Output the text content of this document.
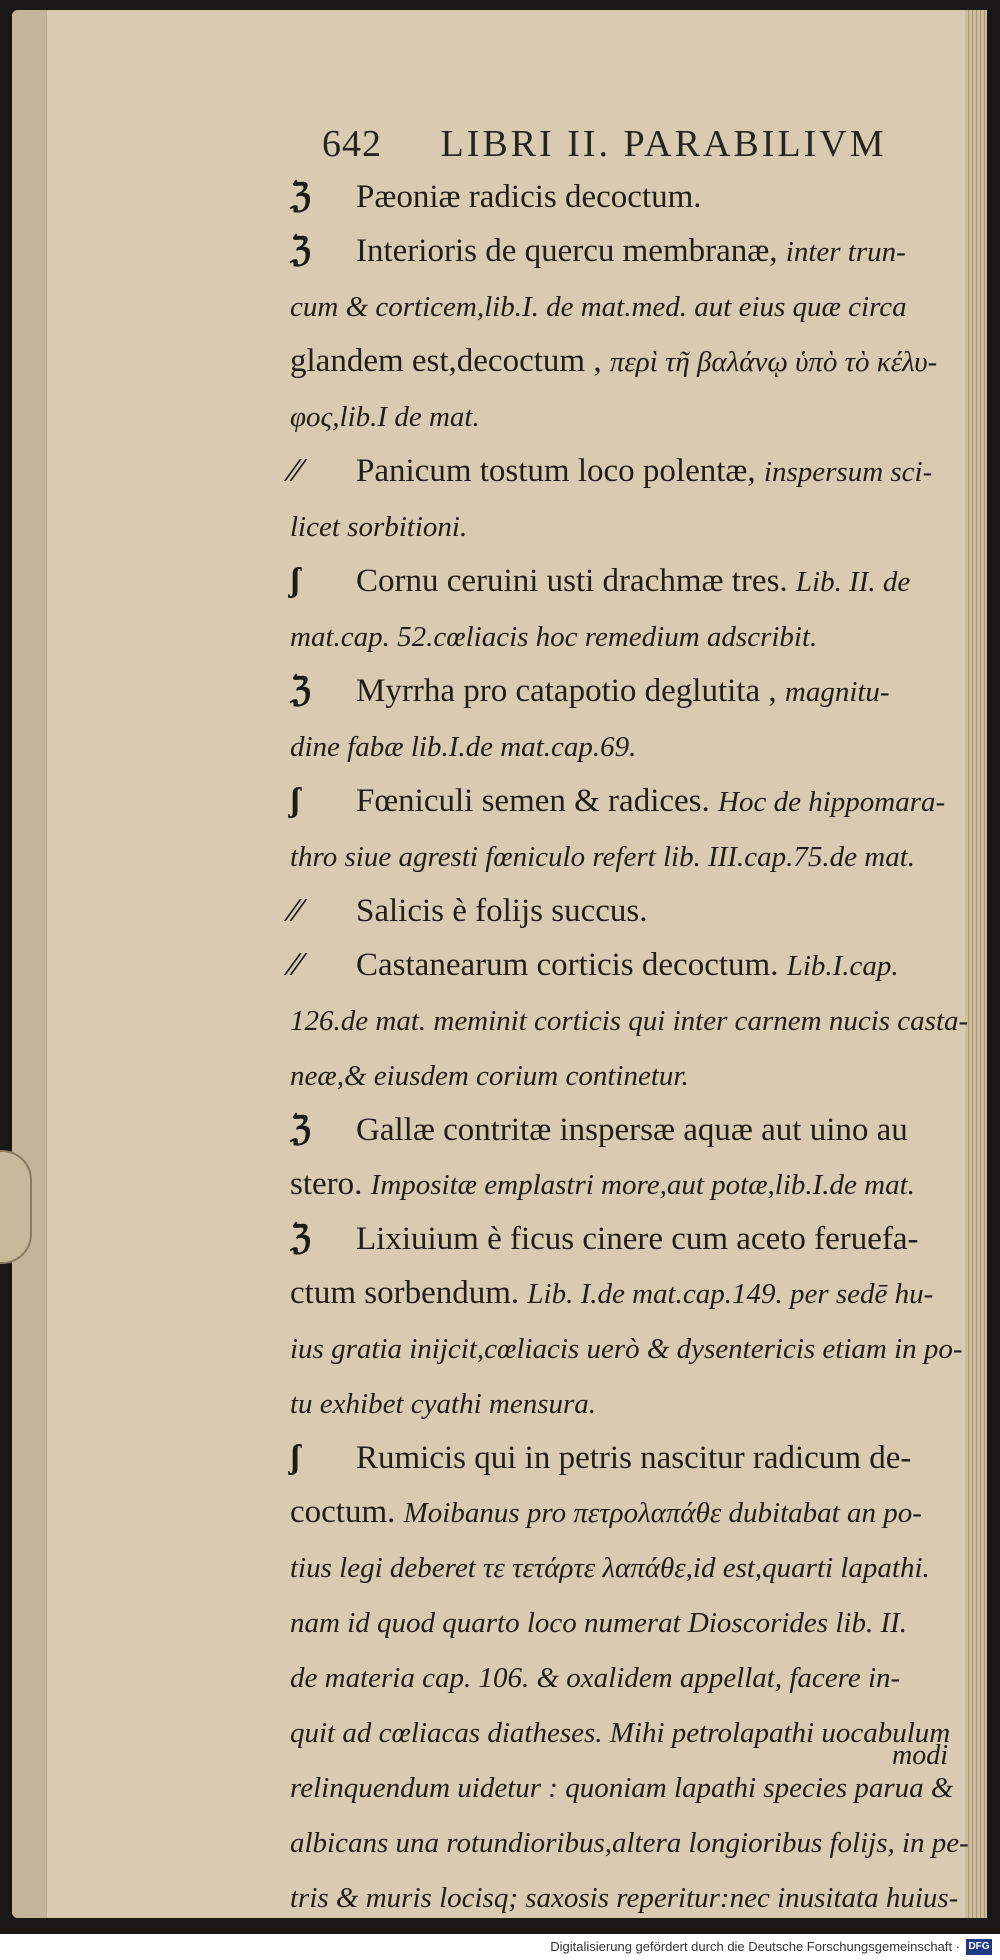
642 LIBRI II. PARABILIVM
ℨ Pæoniæ radicis decoctum.
ℨ Interioris de quercu membranæ, inter trun-
cum & corticem,lib.I. de mat.med. aut eius quæ circa
glandem est,decoctum , περὶ τῆ βαλάνῳ ὑπὸ τὸ κέλυ-
φος,lib.I de mat.
⁄⁄ Panicum tostum loco polentæ, inspersum sci-
licet sorbitioni.
ʃ Cornu ceruini usti drachmæ tres. Lib. II. de
mat.cap. 52.cœliacis hoc remedium adscribit.
ℨ Myrrha pro catapotio deglutita , magnitu-
dine fabæ lib.I.de mat.cap.69.
ʃ Fœniculi semen & radices. Hoc de hippomara-
thro siue agresti fœniculo refert lib. III.cap.75.de mat.
⁄⁄ Salicis è folijs succus.
⁄⁄ Castanearum corticis decoctum. Lib.I.cap.
126.de mat. meminit corticis qui inter carnem nucis casta-
neæ,& eiusdem corium continetur.
ℨ Gallæ contritæ inspersæ aquæ aut uino au
stero. Impositæ emplastri more,aut potæ,lib.I.de mat.
ℨ Lixiuium è ficus cinere cum aceto feruefa-
ctum sorbendum. Lib. I.de mat.cap.149. per sedē hu-
ius gratia inijcit,cœliacis uerò & dysentericis etiam in po-
tu exhibet cyathi mensura.
ʃ Rumicis qui in petris nascitur radicum de-
coctum. Moibanus pro πετρολαπάθε dubitabat an po-
tius legi deberet τε τετάρτε λαπάθε,id est,quarti lapathi.
nam id quod quarto loco numerat Dioscorides lib. II.
de materia cap. 106. & oxalidem appellat, facere in-
quit ad cœliacas diatheses. Mihi petrolapathi uocabulum
relinquendum uidetur : quoniam lapathi species parua &
albicans una rotundioribus,altera longioribus folijs, in pe-
tris & muris locisq; saxosis reperitur:nec inusitata huius-
modi
Digitalisierung gefördert durch die Deutsche Forschungsgemeinschaft · DFG
